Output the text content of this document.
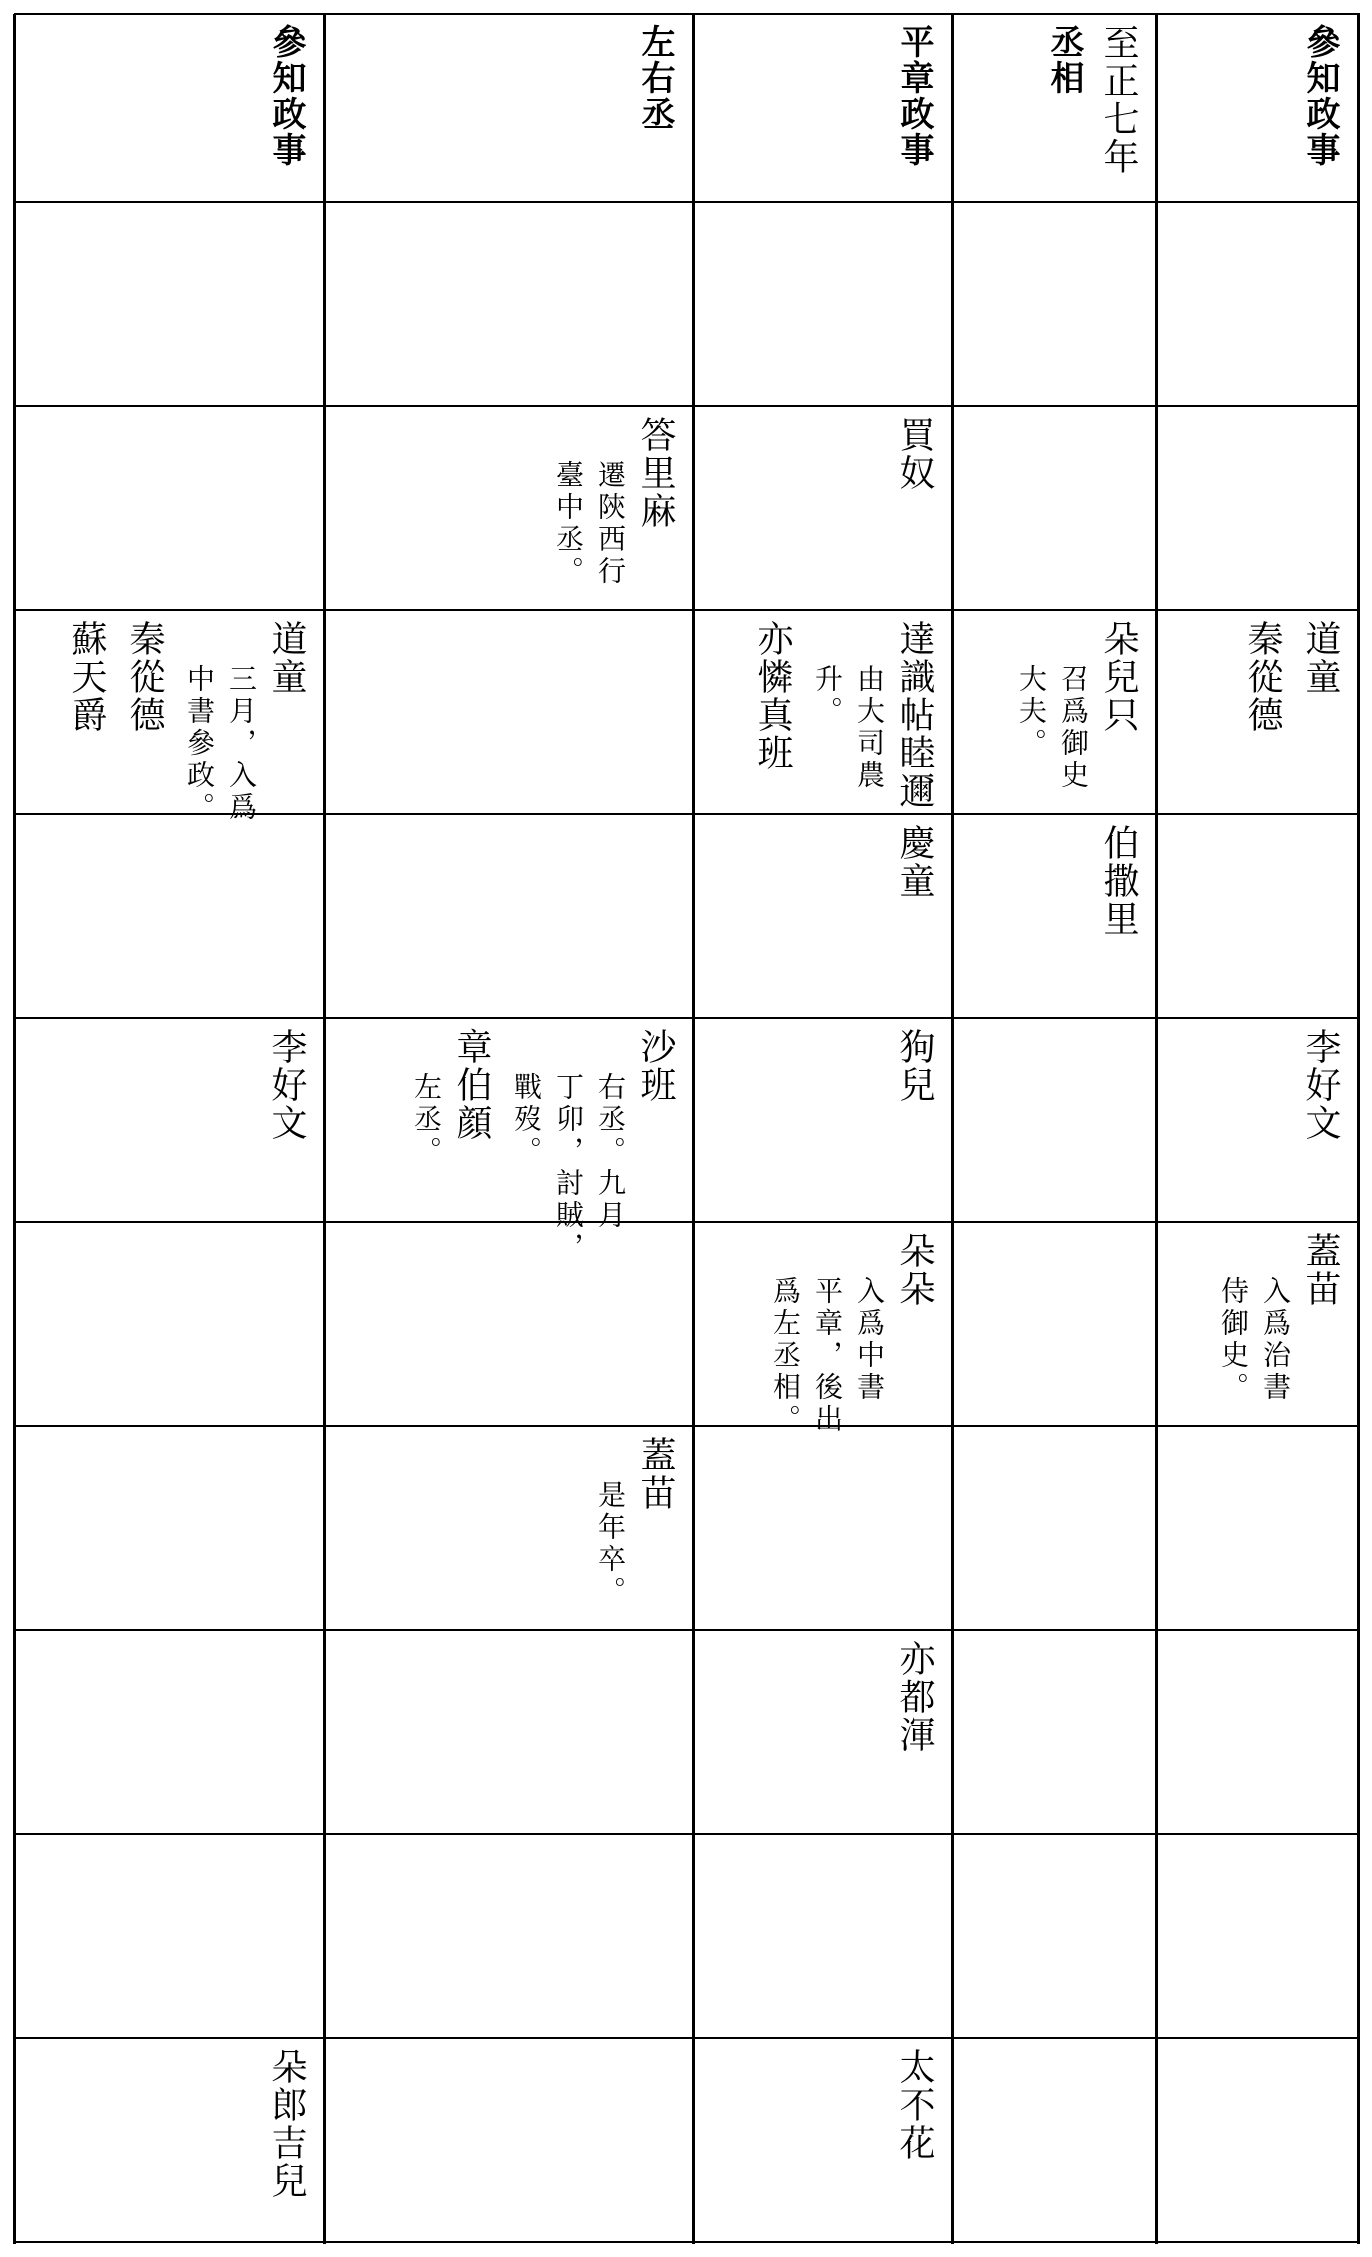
參知政事
至正七年
丞相
平章政事
左右丞
參知政事
買奴
答里麻
遷陝西行
臺中丞。
道童
秦從德
朵兒只
召爲御史
大夫。
達識帖睦邇
由大司農
升。
亦憐真班
道童
三月，入爲
中書參政。
秦從德
蘇天爵
伯撒里
慶童
李好文
狗兒
沙班
右丞。九月
丁卯，討賊，
戰歿。
章伯顔
左丞。
李好文
蓋苗
入爲治書
侍御史。
朵朵
入爲中書
平章，後出
爲左丞相。
蓋苗
是年卒。
亦都渾
太不花
朵郎吉兒
